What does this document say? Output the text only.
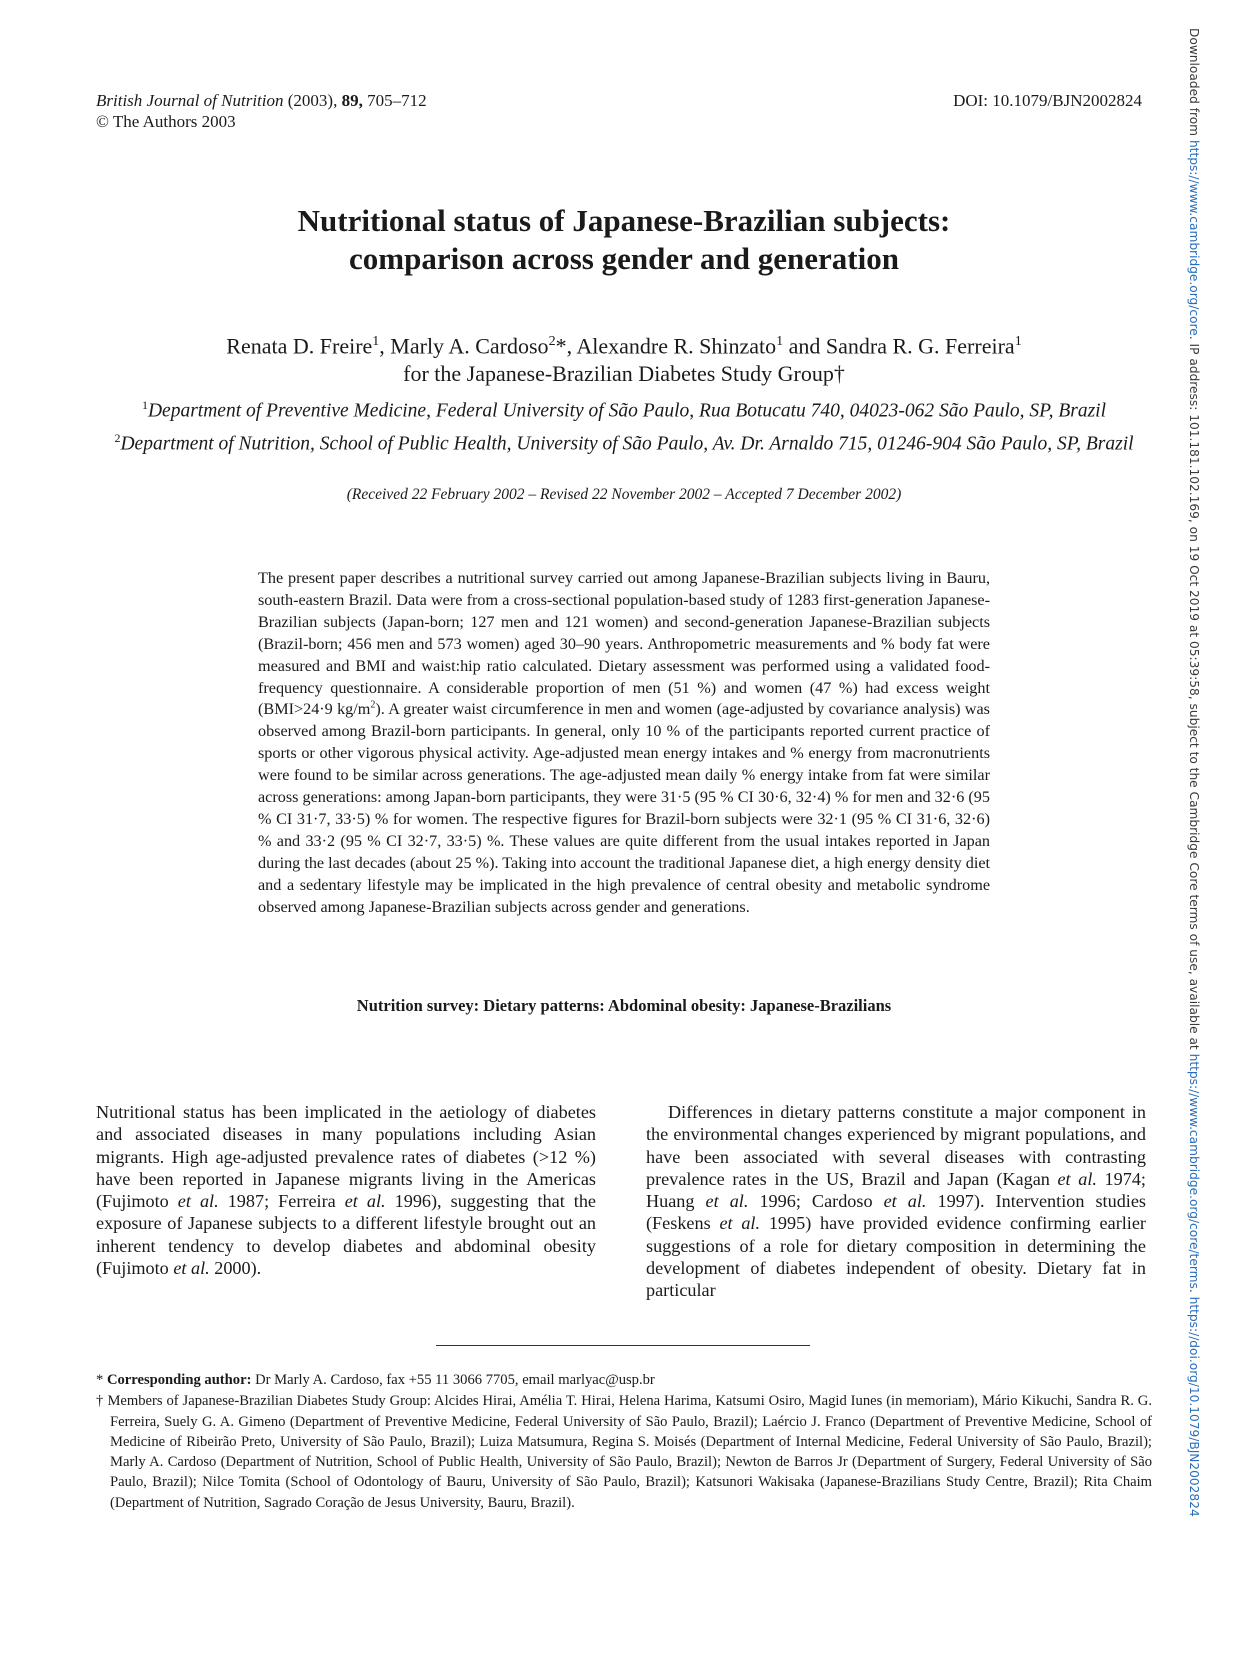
British Journal of Nutrition (2003), 89, 705–712
© The Authors 2003
DOI: 10.1079/BJN2002824
Nutritional status of Japanese-Brazilian subjects:
comparison across gender and generation
Renata D. Freire$^1$, Marly A. Cardoso$^2$*, Alexandre R. Shinzato$^1$ and Sandra R. G. Ferreira$^1$
for the Japanese-Brazilian Diabetes Study Group†
$^1$Department of Preventive Medicine, Federal University of São Paulo, Rua Botucatu 740, 04023-062 São Paulo, SP, Brazil
$^2$Department of Nutrition, School of Public Health, University of São Paulo, Av. Dr. Arnaldo 715, 01246-904 São Paulo, SP, Brazil
(Received 22 February 2002 – Revised 22 November 2002 – Accepted 7 December 2002)
The present paper describes a nutritional survey carried out among Japanese-Brazilian subjects living in Bauru, south-eastern Brazil. Data were from a cross-sectional population-based study of 1283 first-generation Japanese-Brazilian subjects (Japan-born; 127 men and 121 women) and second-generation Japanese-Brazilian subjects (Brazil-born; 456 men and 573 women) aged 30–90 years. Anthropometric measurements and % body fat were measured and BMI and waist:hip ratio calculated. Dietary assessment was performed using a validated food-frequency questionnaire. A considerable proportion of men (51 %) and women (47 %) had excess weight (BMI>24·9 $kg/m^2$). A greater waist circumference in men and women (age-adjusted by covariance analysis) was observed among Brazil-born participants. In general, only 10 % of the participants reported current practice of sports or other vigorous physical activity. Age-adjusted mean energy intakes and % energy from macronutrients were found to be similar across generations. The age-adjusted mean daily % energy intake from fat were similar across generations: among Japan-born participants, they were 31·5 (95 % CI 30·6, 32·4) % for men and 32·6 (95 % CI 31·7, 33·5) % for women. The respective figures for Brazil-born subjects were 32·1 (95 % CI 31·6, 32·6) % and 33·2 (95 % CI 32·7, 33·5) %. These values are quite different from the usual intakes reported in Japan during the last decades (about 25 %). Taking into account the traditional Japanese diet, a high energy density diet and a sedentary lifestyle may be implicated in the high prevalence of central obesity and metabolic syndrome observed among Japanese-Brazilian subjects across gender and generations.
Nutrition survey: Dietary patterns: Abdominal obesity: Japanese-Brazilians
Nutritional status has been implicated in the aetiology of diabetes and associated diseases in many populations including Asian migrants. High age-adjusted prevalence rates of diabetes (>12 %) have been reported in Japanese migrants living in the Americas (Fujimoto et al. 1987; Ferreira et al. 1996), suggesting that the exposure of Japanese subjects to a different lifestyle brought out an inherent tendency to develop diabetes and abdominal obesity (Fujimoto et al. 2000).
Differences in dietary patterns constitute a major component in the environmental changes experienced by migrant populations, and have been associated with several diseases with contrasting prevalence rates in the US, Brazil and Japan (Kagan et al. 1974; Huang et al. 1996; Cardoso et al. 1997). Intervention studies (Feskens et al. 1995) have provided evidence confirming earlier suggestions of a role for dietary composition in determining the development of diabetes independent of obesity. Dietary fat in particular
* Corresponding author: Dr Marly A. Cardoso, fax +55 11 3066 7705, email marlyac@usp.br
† Members of Japanese-Brazilian Diabetes Study Group: Alcides Hirai, Amélia T. Hirai, Helena Harima, Katsumi Osiro, Magid Iunes (in memoriam), Mário Kikuchi, Sandra R. G. Ferreira, Suely G. A. Gimeno (Department of Preventive Medicine, Federal University of São Paulo, Brazil); Laércio J. Franco (Department of Preventive Medicine, School of Medicine of Ribeirão Preto, University of São Paulo, Brazil); Luiza Matsumura, Regina S. Moisés (Department of Internal Medicine, Federal University of São Paulo, Brazil); Marly A. Cardoso (Department of Nutrition, School of Public Health, University of São Paulo, Brazil); Newton de Barros Jr (Department of Surgery, Federal University of São Paulo, Brazil); Nilce Tomita (School of Odontology of Bauru, University of São Paulo, Brazil); Katsunori Wakisaka (Japanese-Brazilians Study Centre, Brazil); Rita Chaim (Department of Nutrition, Sagrado Coração de Jesus University, Bauru, Brazil).
Downloaded from https://www.cambridge.org/core. IP address: 101.181.102.169, on 19 Oct 2019 at 05:39:58, subject to the Cambridge Core terms of use, available at https://www.cambridge.org/core/terms. https://doi.org/10.1079/BJN2002824
